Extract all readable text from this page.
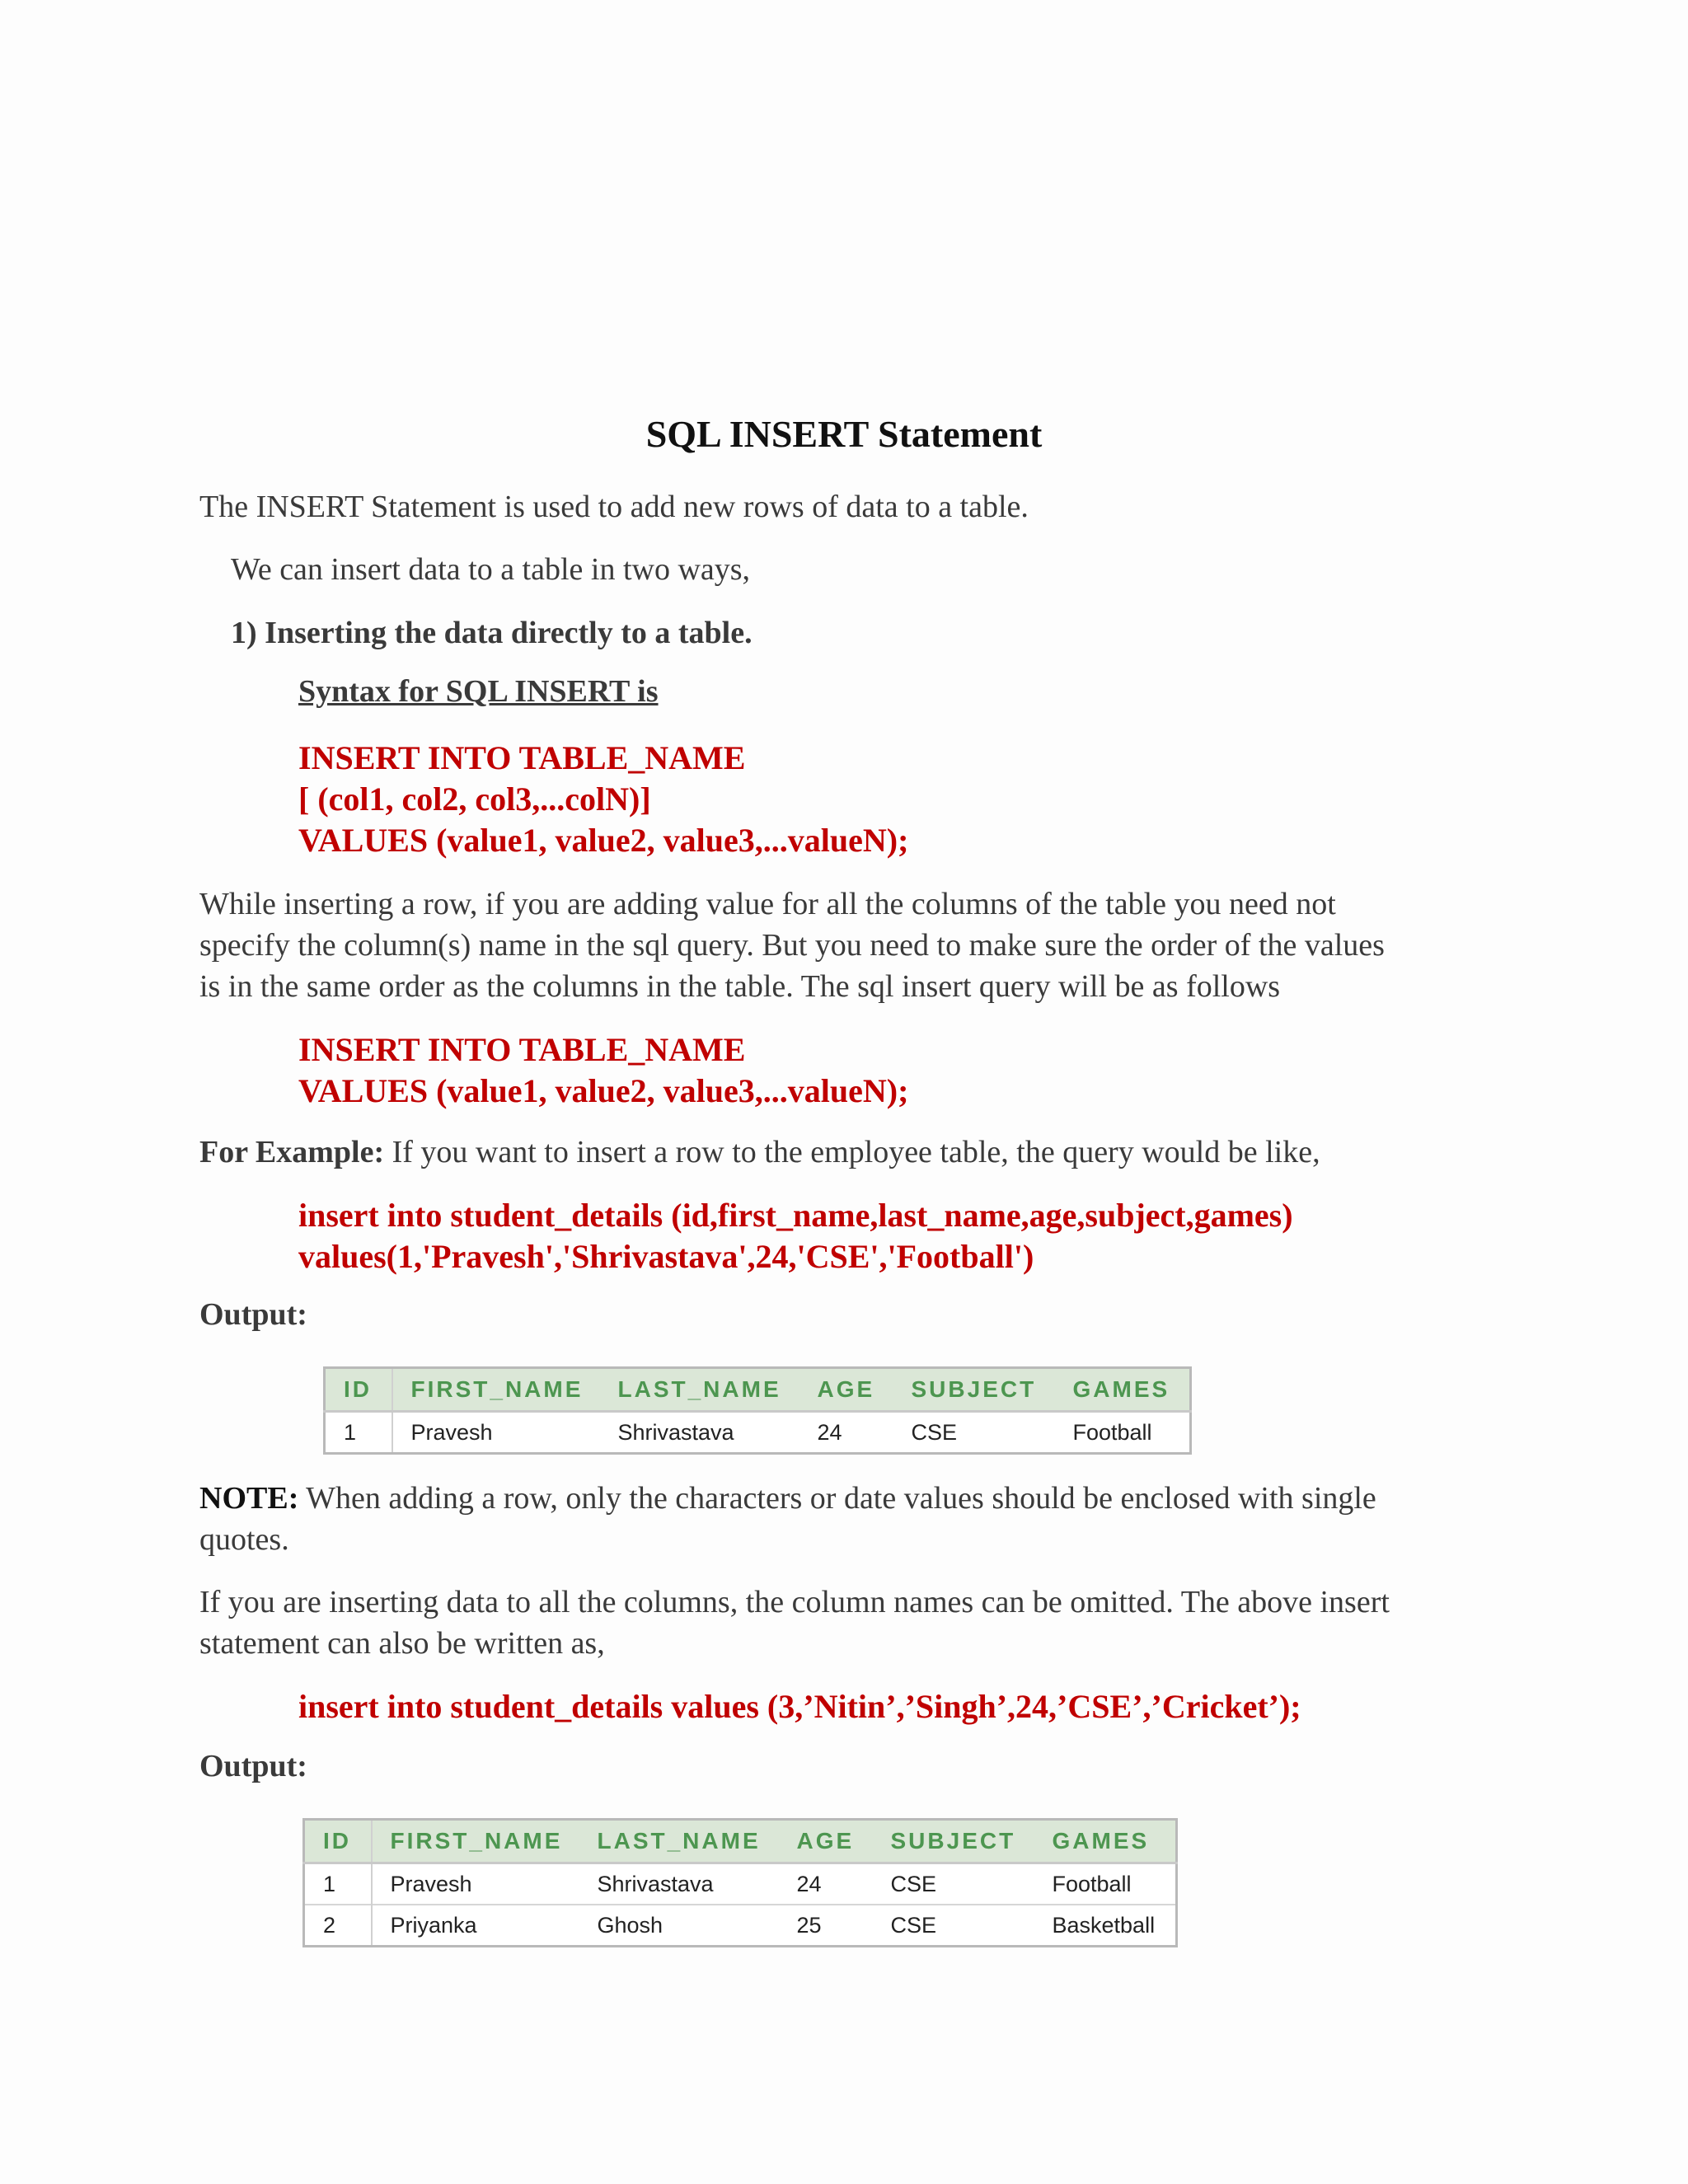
SQL INSERT Statement
The INSERT Statement is used to add new rows of data to a table.
We can insert data to a table in two ways,
1) Inserting the data directly to a table.
Syntax for SQL INSERT is
INSERT INTO TABLE_NAME
[ (col1, col2, col3,...colN)]
VALUES (value1, value2, value3,...valueN);
While inserting a row, if you are adding value for all the columns of the table you need not
specify the column(s) name in the sql query. But you need to make sure the order of the values
is in the same order as the columns in the table. The sql insert query will be as follows
INSERT INTO TABLE_NAME
VALUES (value1, value2, value3,...valueN);
For Example: If you want to insert a row to the employee table, the query would be like,
insert into student_details (id,first_name,last_name,age,subject,games)
values(1,'Pravesh','Shrivastava',24,'CSE','Football')
Output:
ID	FIRST_NAME	LAST_NAME	AGE	SUBJECT	GAMES
1	Pravesh	Shrivastava	24	CSE	Football
NOTE: When adding a row, only the characters or date values should be enclosed with single
quotes.
If you are inserting data to all the columns, the column names can be omitted. The above insert
statement can also be written as,
insert into student_details values (3,’Nitin’,’Singh’,24,’CSE’,’Cricket’);
Output:
ID	FIRST_NAME	LAST_NAME	AGE	SUBJECT	GAMES
1	Pravesh	Shrivastava	24	CSE	Football
2	Priyanka	Ghosh	25	CSE	Basketball
